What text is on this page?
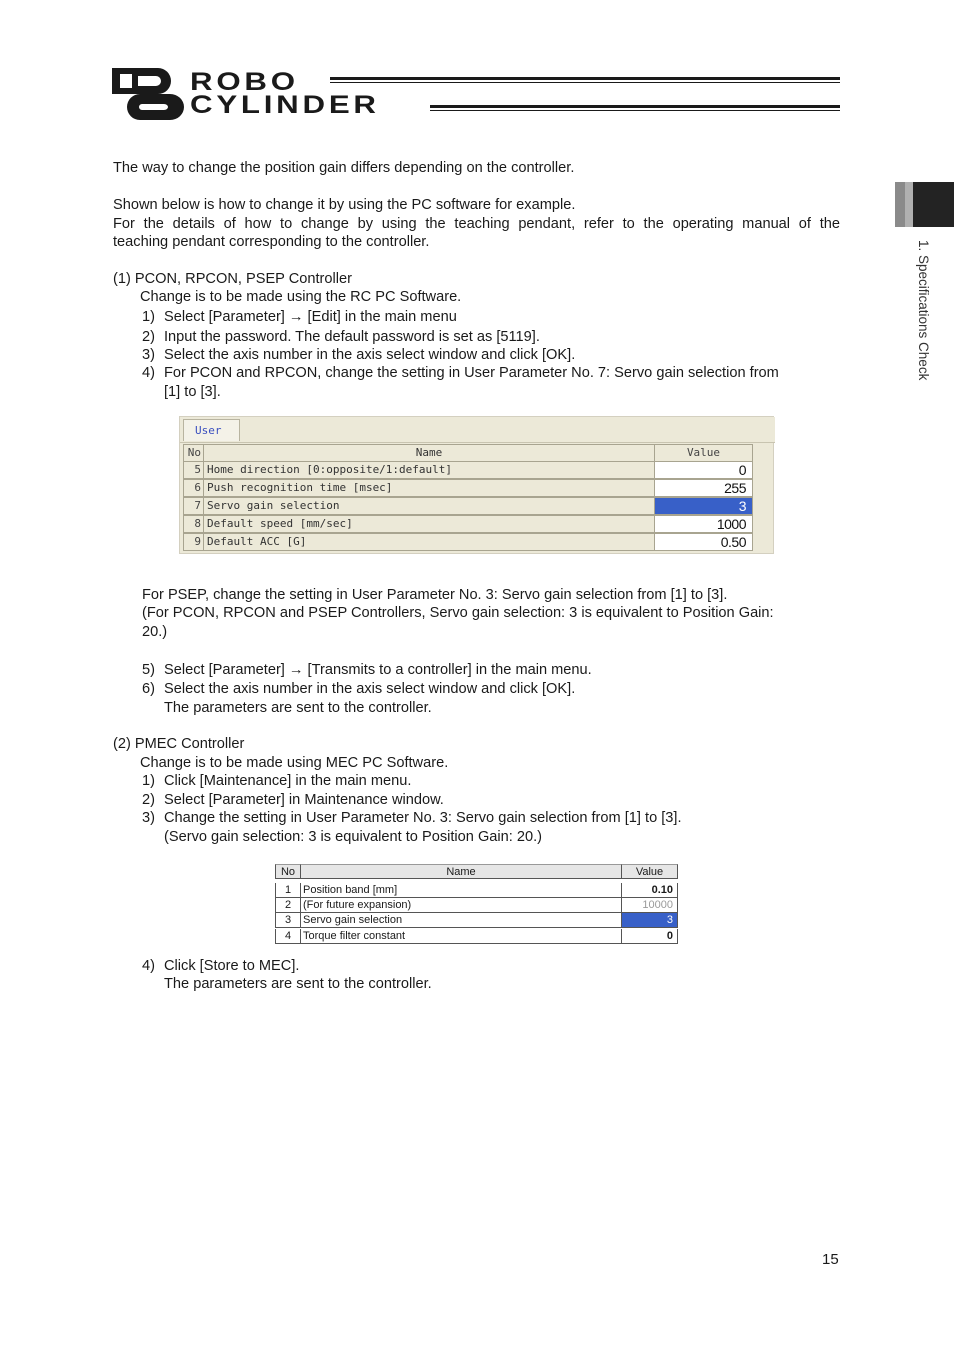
ROBO
CYLINDER
1. Specifications Check
The way to change the position gain differs depending on the controller.
Shown below is how to change it by using the PC software for example.
For the details of how to change by using the teaching pendant, refer to the operating manual of the
teaching pendant corresponding to the controller.
(1) PCON, RPCON, PSEP Controller
Change is to be made using the RC PC Software.
1) Select [Parameter] → [Edit] in the main menu
2) Input the password. The default password is set as [5119].
3) Select the axis number in the axis select window and click [OK].
4) For PCON and RPCON, change the setting in User Parameter No. 7: Servo gain selection from
[1] to [3].
User
No	Name	Value
5 Home direction [0:opposite/1:default]	0
6 Push recognition time [msec]	255
7 Servo gain selection	3
8 Default speed [mm/sec]	1000
9 Default ACC [G]	0.50
For PSEP, change the setting in User Parameter No. 3: Servo gain selection from [1] to [3].
(For PCON, RPCON and PSEP Controllers, Servo gain selection: 3 is equivalent to Position Gain:
20.)
5) Select [Parameter] → [Transmits to a controller] in the main menu.
6) Select the axis number in the axis select window and click [OK].
The parameters are sent to the controller.
(2) PMEC Controller
Change is to be made using MEC PC Software.
1) Click [Maintenance] in the main menu.
2) Select [Parameter] in Maintenance window.
3) Change the setting in User Parameter No. 3: Servo gain selection from [1] to [3].
(Servo gain selection: 3 is equivalent to Position Gain: 20.)
No	Name	Value
1	Position band [mm]	0.10
2	(For future expansion)	10000
3	Servo gain selection	3
4	Torque filter constant	0
4) Click [Store to MEC].
The parameters are sent to the controller.
15
